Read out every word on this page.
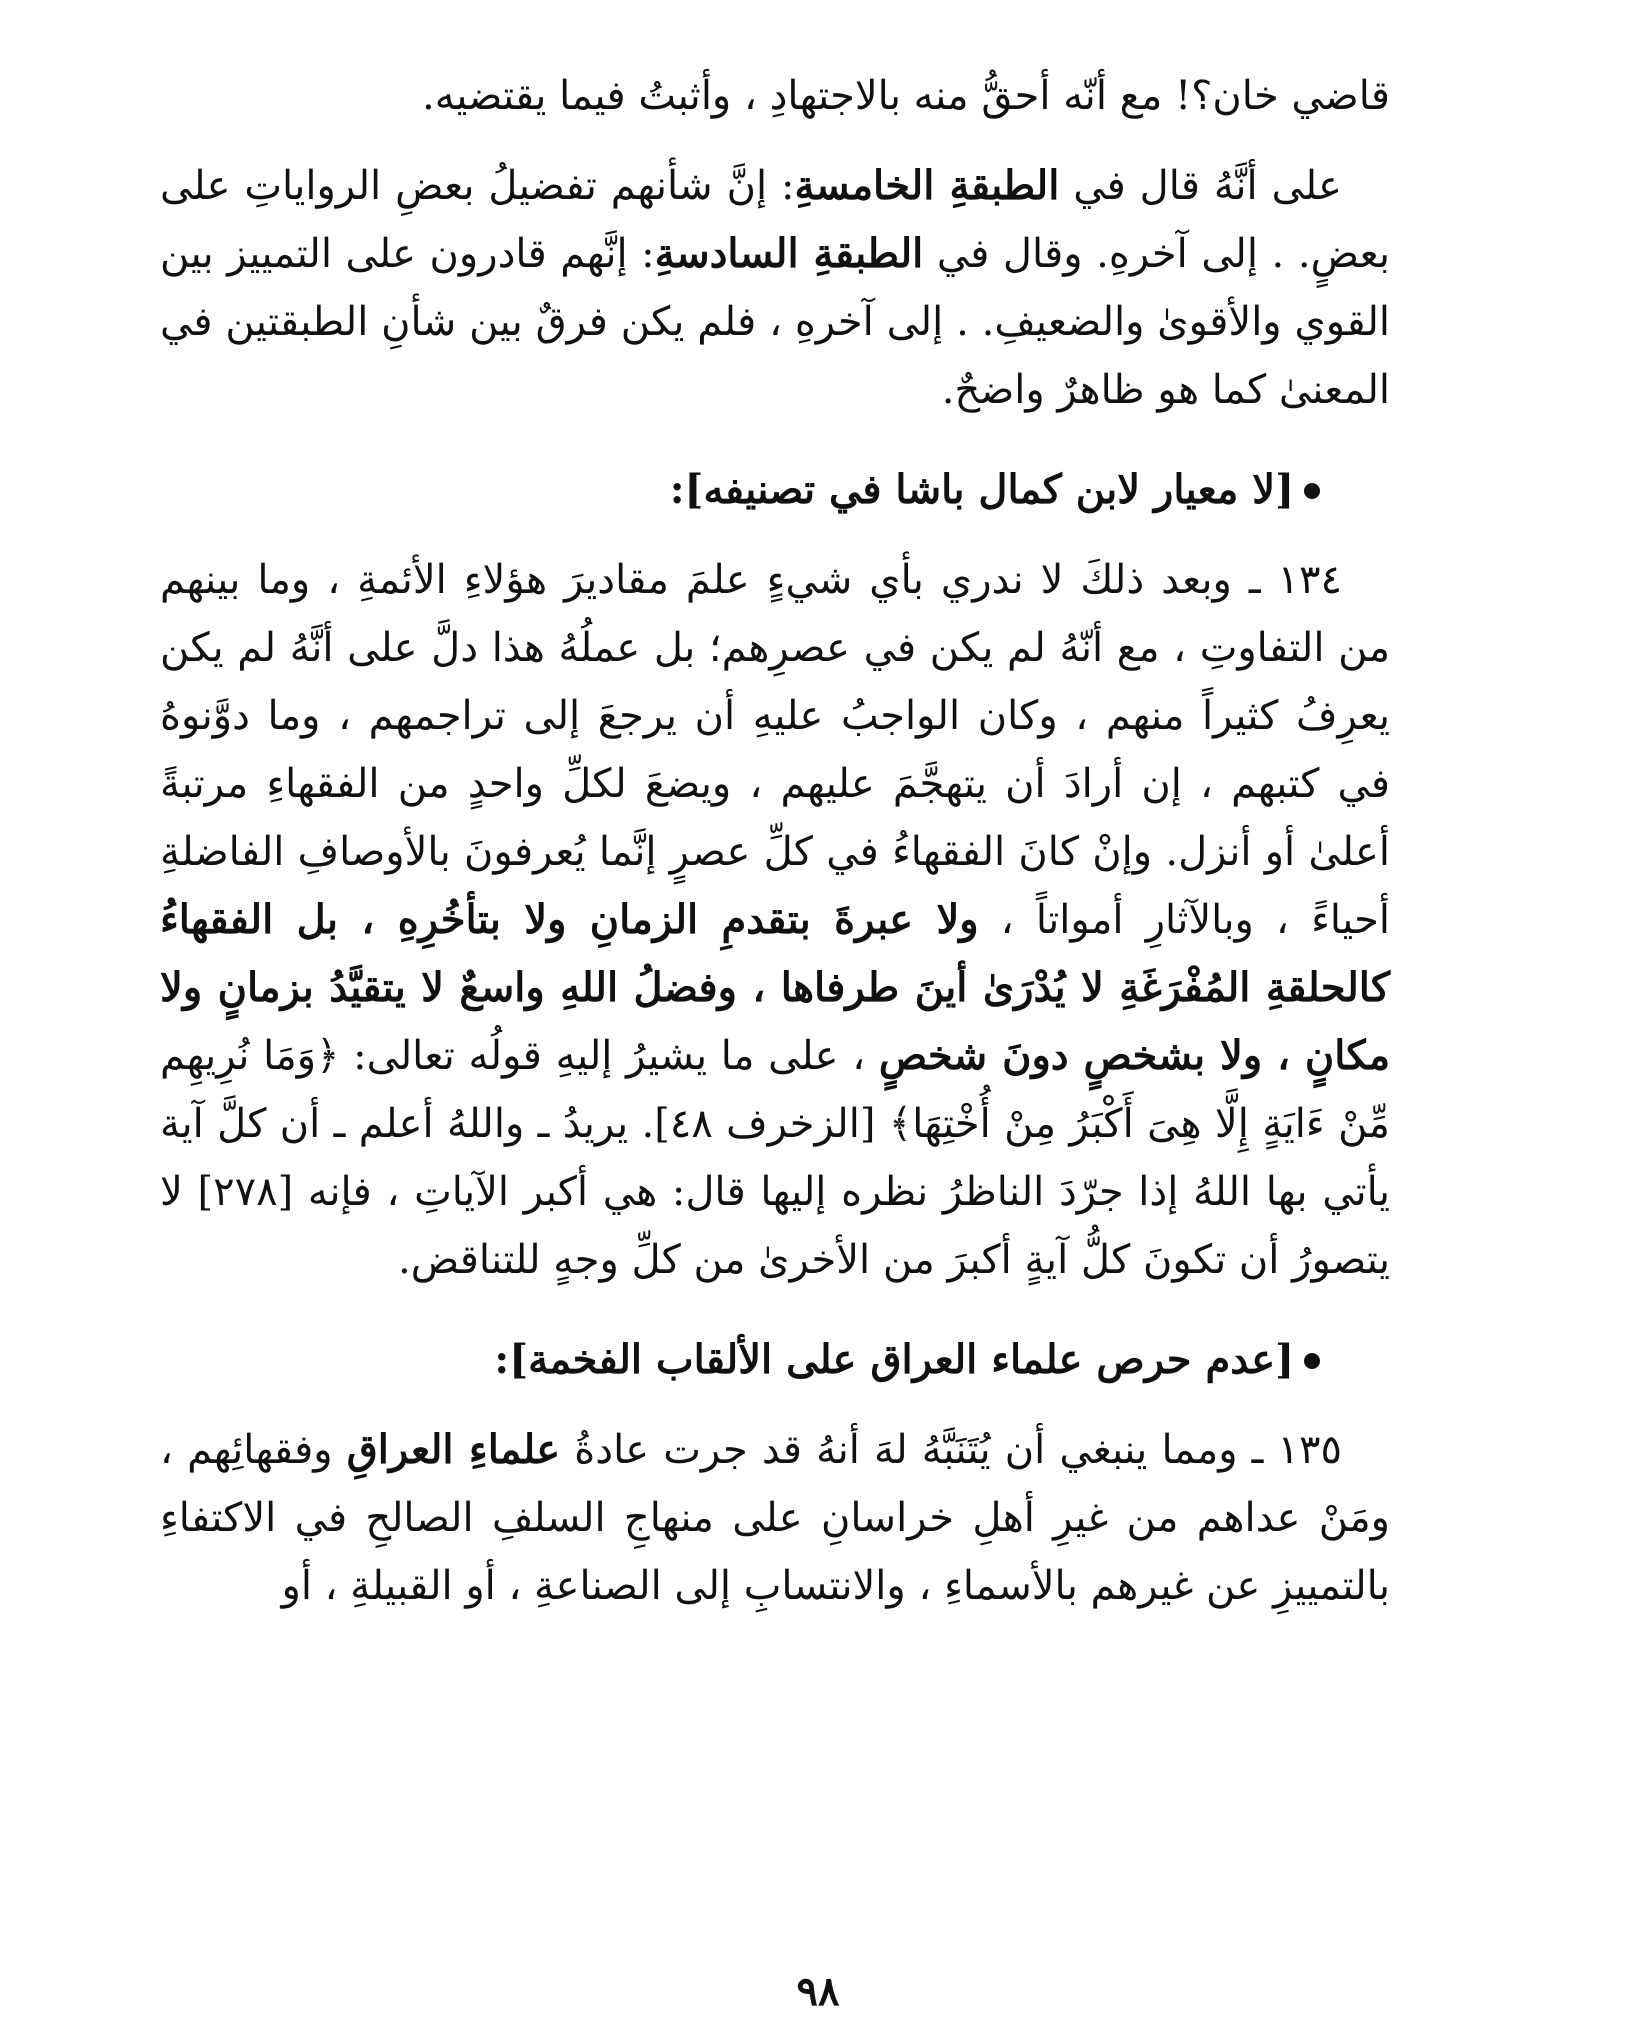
قاضي خان؟! مع أنّه أحقُّ منه بالاجتهادِ ، وأثبتُ فيما يقتضيه.

على أنَّهُ قال في الطبقةِ الخامسةِ: إنَّ شأنهم تفضيلُ بعضِ الرواياتِ على بعضٍ. . إلى آخرهِ. وقال في الطبقةِ السادسةِ: إنَّهم قادرون على التمييز بين القوي والأقوىٰ والضعيفِ. . إلى آخرهِ ، فلم يكن فرقٌ بين شأنِ الطبقتين في المعنىٰ كما هو ظاهرٌ واضحٌ.

[لا معيار لابن كمال باشا في تصنيفه]:

١٣٤ ـ وبعد ذلكَ لا ندري بأي شيءٍ علمَ مقاديرَ هؤلاءِ الأئمةِ ، وما بينهم من التفاوتِ ، مع أنّهُ لم يكن في عصرِهم؛ بل عملُهُ هذا دلَّ على أنَّهُ لم يكن يعرِفُ كثيراً منهم ، وكان الواجبُ عليهِ أن يرجعَ إلى تراجمهم ، وما دوَّنوهُ في كتبهم ، إن أرادَ أن يتهجَّمَ عليهم ، ويضعَ لكلِّ واحدٍ من الفقهاءِ مرتبةً أعلىٰ أو أنزل. وإنْ كانَ الفقهاءُ في كلِّ عصرٍ إنَّما يُعرفونَ بالأوصافِ الفاضلةِ أحياءً ، وبالآثارِ أمواتاً ، ولا عبرةَ بتقدمِ الزمانِ ولا بتأخُرِهِ ، بل الفقهاءُ كالحلقةِ المُفْرَغَةِ لا يُدْرَىٰ أينَ طرفاها ، وفضلُ اللهِ واسعٌ لا يتقيَّدُ بزمانٍ ولا مكانٍ ، ولا بشخصٍ دونَ شخصٍ ، على ما يشيرُ إليهِ قولُه تعالى: ﴿وَمَا نُرِيهِم مِّنْ ءَايَةٍ إِلَّا هِىَ أَكْبَرُ مِنْ أُخْتِهَا﴾ [الزخرف ٤٨]. يريدُ ـ واللهُ أعلم ـ أن كلَّ آية يأتي بها اللهُ إذا جرّدَ الناظرُ نظره إليها قال: هي أكبر الآياتِ ، فإنه [٢٧٨] لا يتصورُ أن تكونَ كلُّ آيةٍ أكبرَ من الأخرىٰ من كلِّ وجهٍ للتناقض.

[عدم حرص علماء العراق على الألقاب الفخمة]:

١٣٥ ـ ومما ينبغي أن يُتَنَبَّهُ لهَ أنهُ قد جرت عادةُ علماءِ العراقِ وفقهائِهم ، ومَنْ عداهم من غيرِ أهلِ خراسانِ على منهاجِ السلفِ الصالحِ في الاكتفاءِ بالتمييزِ عن غيرهم بالأسماءِ ، والانتسابِ إلى الصناعةِ ، أو القبيلةِ ، أو

٩٨
